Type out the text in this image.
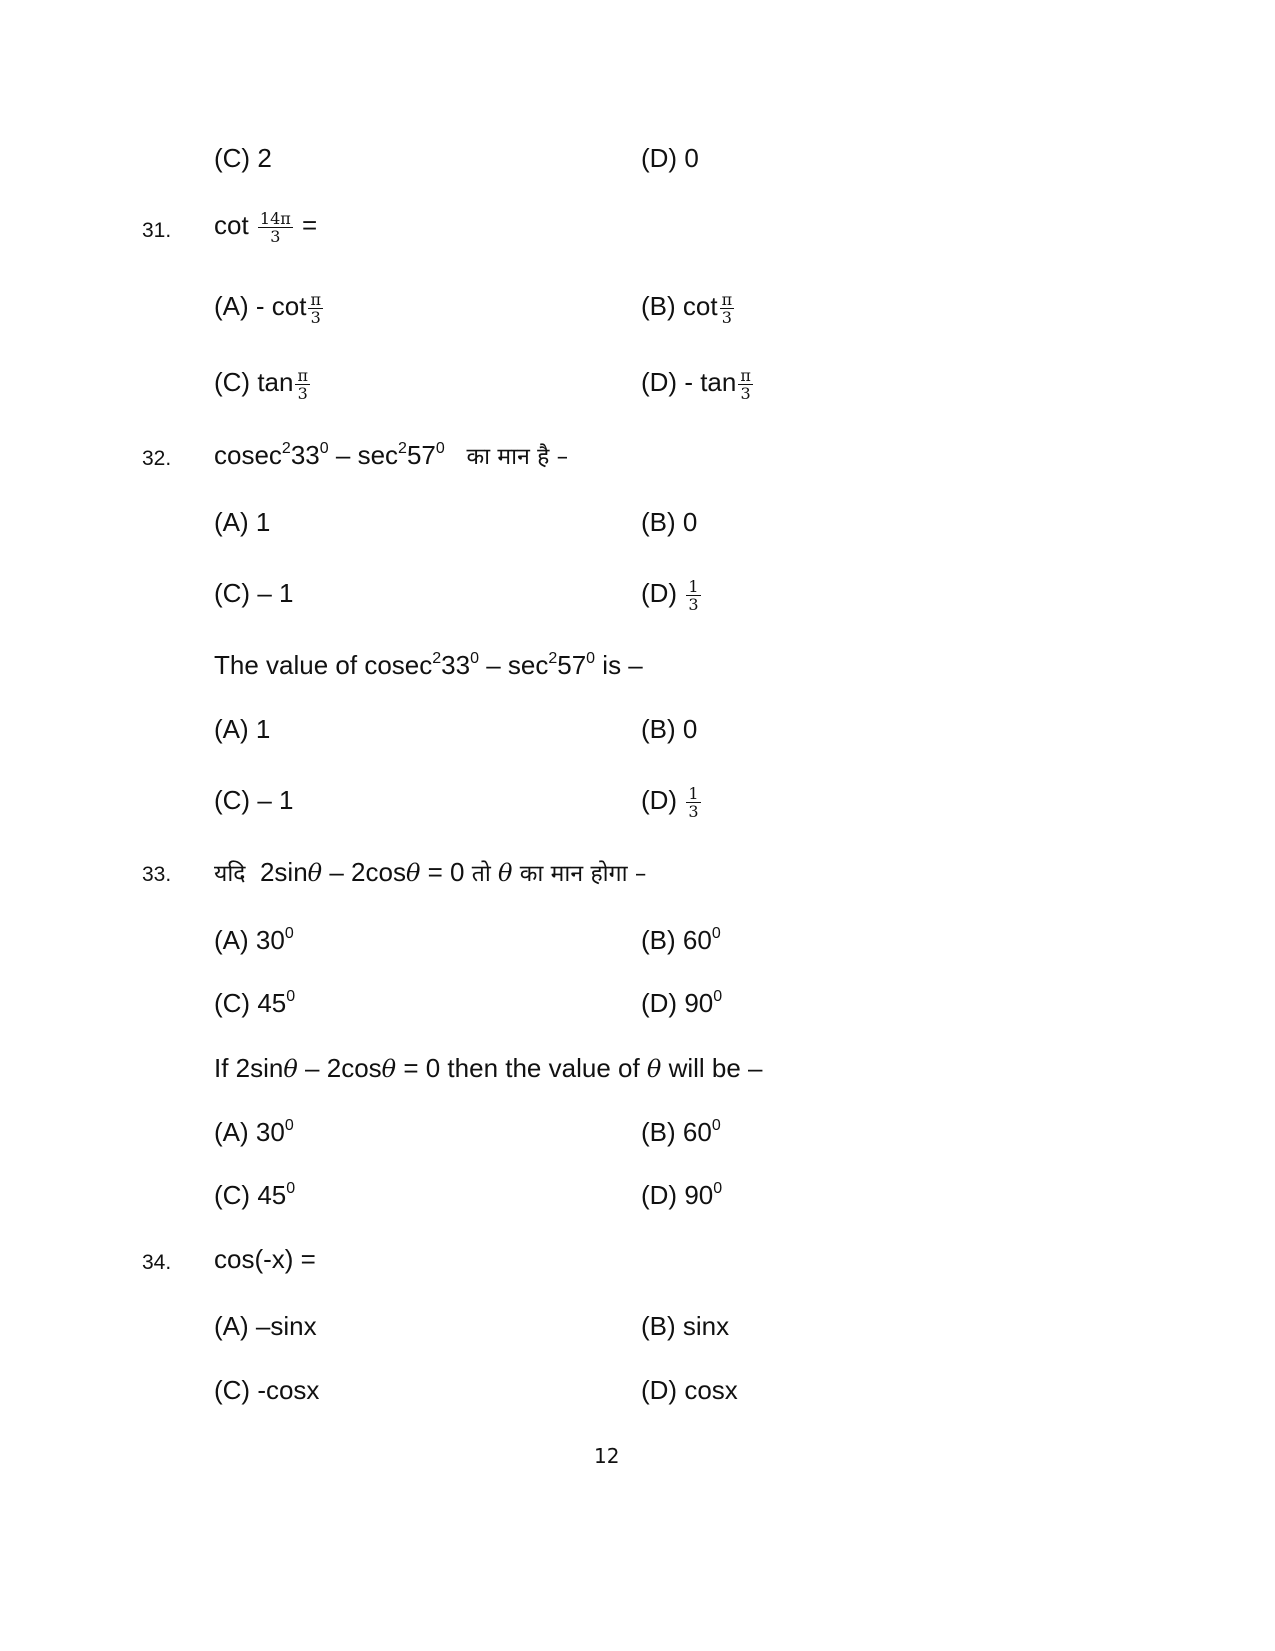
(C) 2	(D) 0
31. $\cot \frac{14\pi}{3}$ =
$(A) - \cot \frac{\pi}{3}$	(B) $\cot \frac{\pi}{3}$
(C) $\tan \frac{\pi}{3}$	$(D) - \tan \frac{\pi}{3}$
32. $cosec^233^0 - \sec^257^0$ का मान है –
(A) 1	(B) 0
(C) – 1	$(D) \frac{1}{3}$
The value of $cosec^233^0 - \sec^257^0$ is –
(A) 1	(B) 0
(C) – 1	$(D) \frac{1}{3}$
33. यदि 2sinθ – 2cosθ = 0 तो θ का मान होगा –
(A) $30^0$	(B) $60^0$
(C) $45^0$	(D) $90^0$
If 2sinθ – 2cosθ = 0 then the value of θ will be –
(A) $30^0$	(B) $60^0$
(C) $45^0$	(D) $90^0$
34. cos(-x) =
(A) –sinx	(B) sinx
(C) -cosx	(D) cosx
12
